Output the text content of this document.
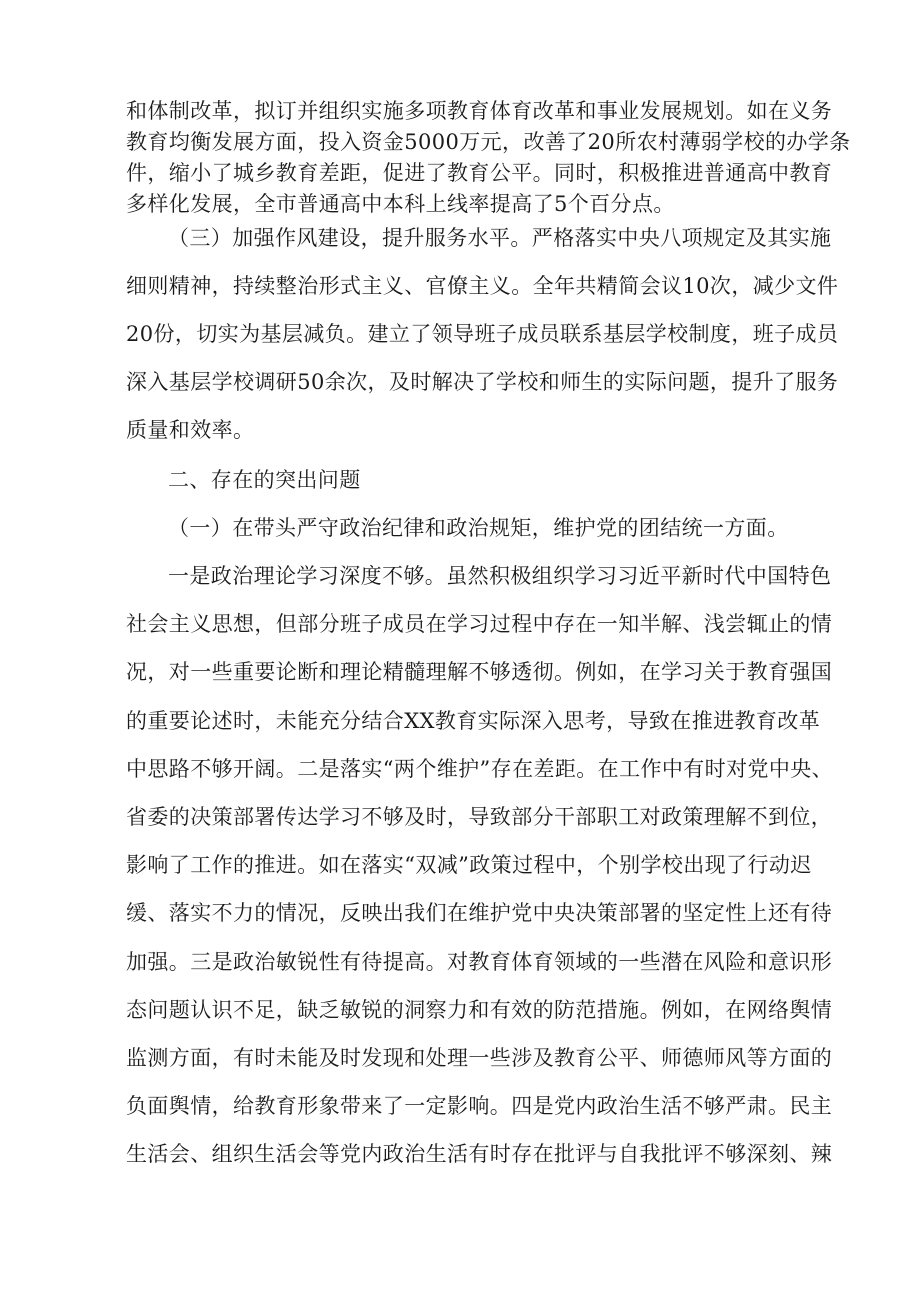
和体制改革，拟订并组织实施多项教育体育改革和事业发展规划。如在义务
教育均衡发展方面，投入资金5000万元，改善了20所农村薄弱学校的办学条
件，缩小了城乡教育差距，促进了教育公平。同时，积极推进普通高中教育
多样化发展，全市普通高中本科上线率提高了5个百分点。
（三）加强作风建设，提升服务水平。严格落实中央八项规定及其实施
细则精神，持续整治形式主义、官僚主义。全年共精简会议10次，减少文件
20份，切实为基层减负。建立了领导班子成员联系基层学校制度，班子成员
深入基层学校调研50余次，及时解决了学校和师生的实际问题，提升了服务
质量和效率。
二、存在的突出问题
（一）在带头严守政治纪律和政治规矩，维护党的团结统一方面。
一是政治理论学习深度不够。虽然积极组织学习习近平新时代中国特色
社会主义思想，但部分班子成员在学习过程中存在一知半解、浅尝辄止的情
况，对一些重要论断和理论精髓理解不够透彻。例如，在学习关于教育强国
的重要论述时，未能充分结合XX教育实际深入思考，导致在推进教育改革
中思路不够开阔。二是落实“两个维护”存在差距。在工作中有时对党中央、
省委的决策部署传达学习不够及时，导致部分干部职工对政策理解不到位，
影响了工作的推进。如在落实“双减”政策过程中，个别学校出现了行动迟
缓、落实不力的情况，反映出我们在维护党中央决策部署的坚定性上还有待
加强。三是政治敏锐性有待提高。对教育体育领域的一些潜在风险和意识形
态问题认识不足，缺乏敏锐的洞察力和有效的防范措施。例如，在网络舆情
监测方面，有时未能及时发现和处理一些涉及教育公平、师德师风等方面的
负面舆情，给教育形象带来了一定影响。四是党内政治生活不够严肃。民主
生活会、组织生活会等党内政治生活有时存在批评与自我批评不够深刻、辣
